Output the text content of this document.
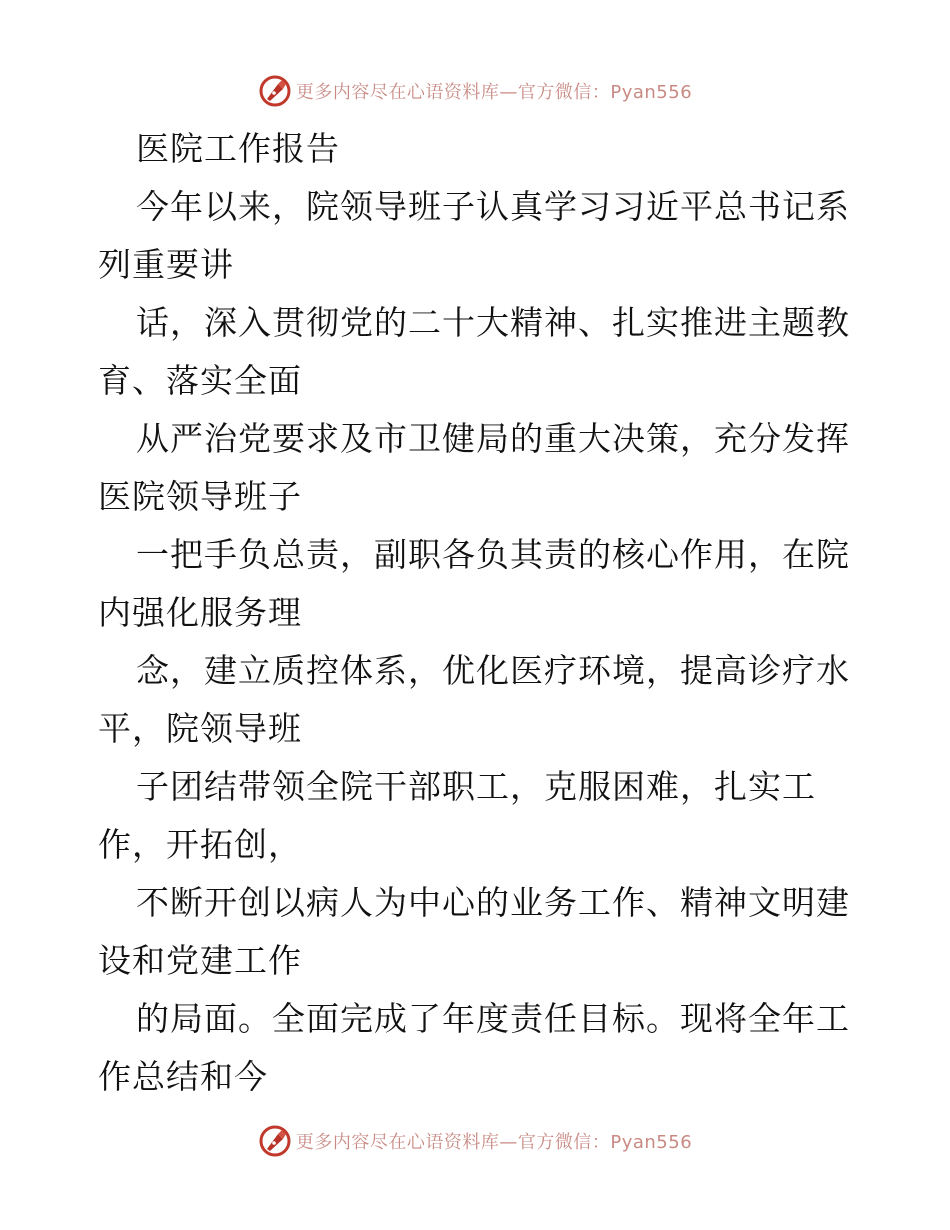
更多内容尽在心语资料库—官方微信：Pyan556
医院工作报告
今年以来，院领导班子认真学习习近平总书记系
列重要讲
话，深入贯彻党的二十大精神、扎实推进主题教
育、落实全面
从严治党要求及市卫健局的重大决策，充分发挥
医院领导班子
一把手负总责，副职各负其责的核心作用，在院
内强化服务理
念，建立质控体系，优化医疗环境，提高诊疗水
平，院领导班
子团结带领全院干部职工，克服困难，扎实工
作，开拓创，
不断开创以病人为中心的业务工作、精神文明建
设和党建工作
的局面。全面完成了年度责任目标。现将全年工
作总结和今
更多内容尽在心语资料库—官方微信：Pyan556
